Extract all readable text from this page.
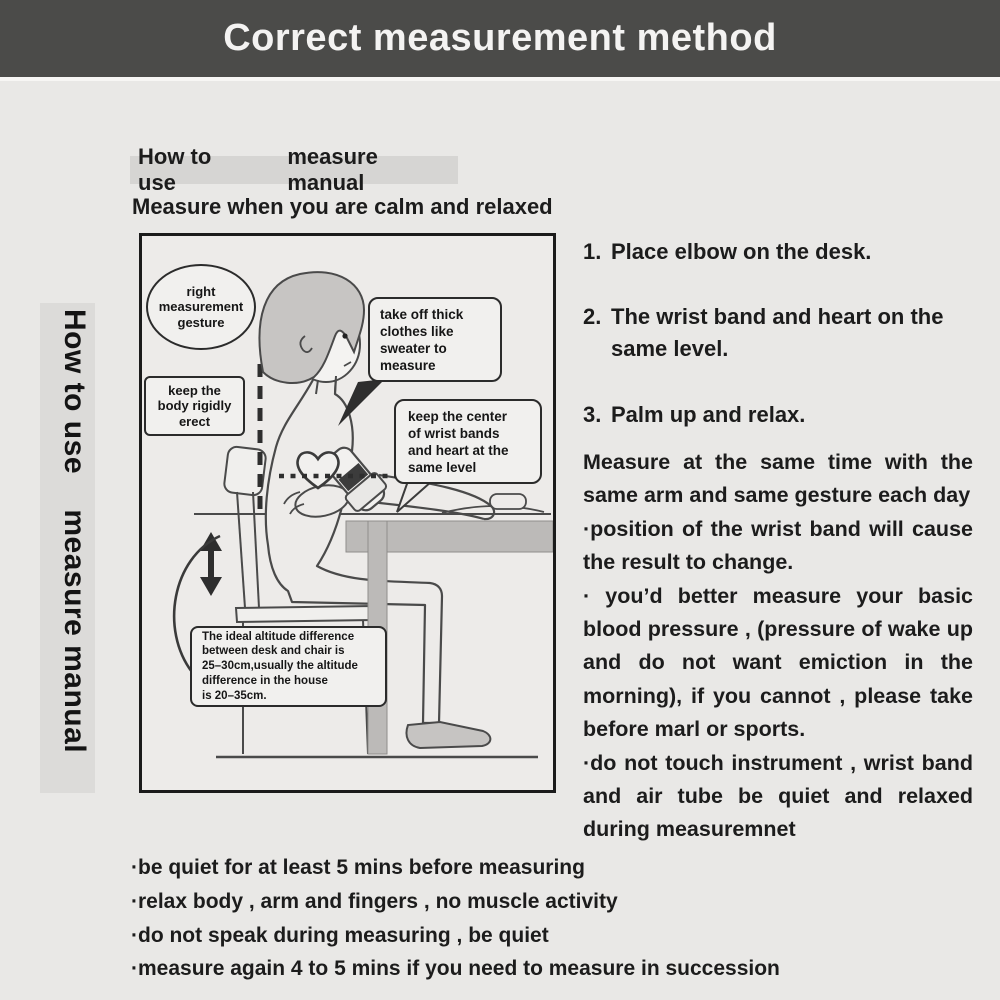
Correct measurement method
How to use    measure manual
How to use
measure manual
Measure when you are calm and relaxed
right
measurement
gesture
keep the
body rigidly
erect
take off thick
clothes like
sweater to
measure
keep the center
of wrist bands
and heart at the
same level
The ideal altitude difference
between desk and chair is
25–30cm,usually the altitude
difference in the house
is 20–35cm.
1. Place elbow on the desk.
2. The wrist band and heart on the same level.
3. Palm up and relax.

Measure at the same time with the same arm and same gesture each day

·position of the wrist band will cause the result to change.

· you’d better measure your basic blood pressure , (pressure of wake up and do not want emiction in the morning), if you cannot , please take before marl or sports.

·do not touch instrument , wrist band and air tube be quiet and relaxed during measuremnet

·be quiet for at least 5 mins before measuring
·relax body , arm and fingers , no muscle activity
·do not speak during measuring , be quiet
·measure again 4 to 5 mins if you need to measure in succession
